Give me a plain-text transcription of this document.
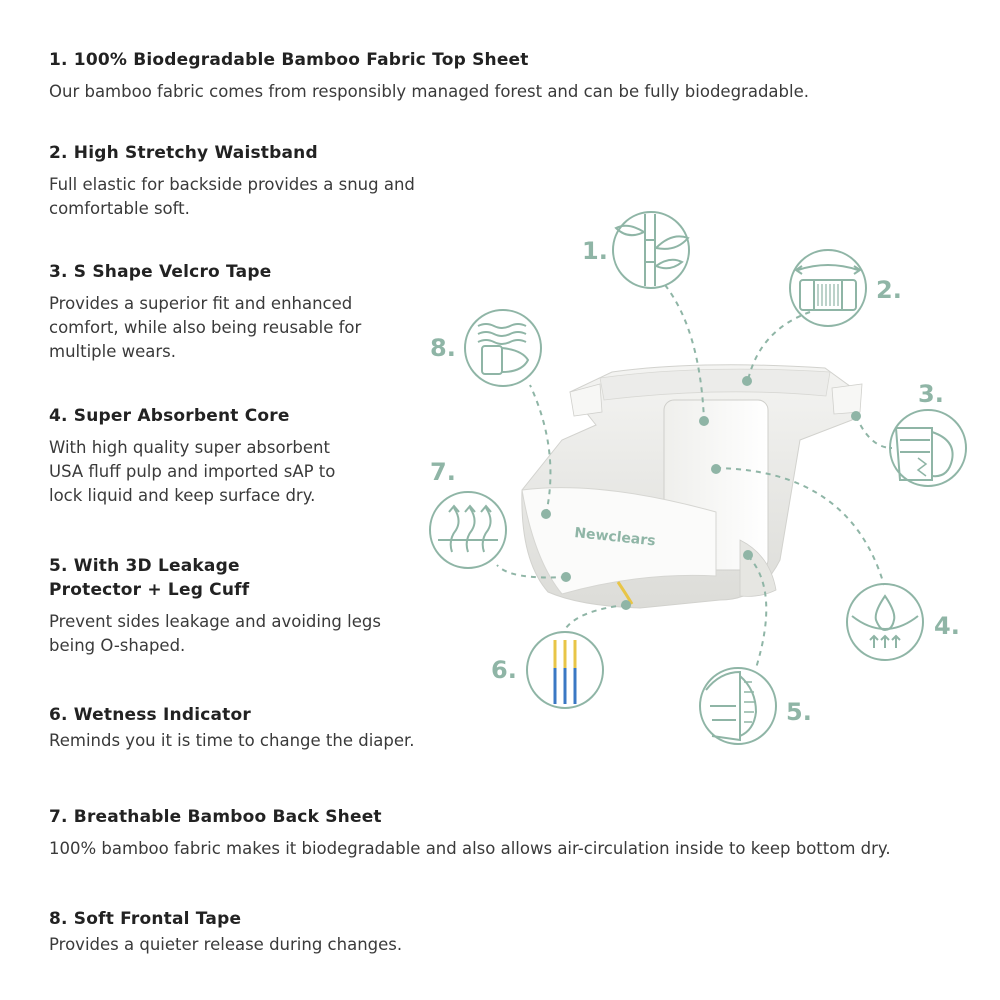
1. 100% Biodegradable Bamboo Fabric Top Sheet

Our bamboo fabric comes from responsibly managed forest and can be fully biodegradable.

2. High Stretchy Waistband

Full elastic for backside provides a snug and comfortable soft.

3. S Shape Velcro Tape

Provides a superior fit and enhanced comfort, while also being reusable for multiple wears.

4. Super Absorbent Core

With high quality super absorbent USA fluff pulp and imported sAP to lock liquid and keep surface dry.

5. With 3D Leakage Protector + Leg Cuff

Prevent sides leakage and avoiding legs being O-shaped.

6. Wetness Indicator

Reminds you it is time to change the diaper.

7. Breathable Bamboo Back Sheet

100% bamboo fabric makes it biodegradable and also allows air-circulation inside to keep bottom dry.

8. Soft Frontal Tape

Provides a quieter release during changes.

Newclears
1.
2.
3.
4.
5.
6.
7.
8.
